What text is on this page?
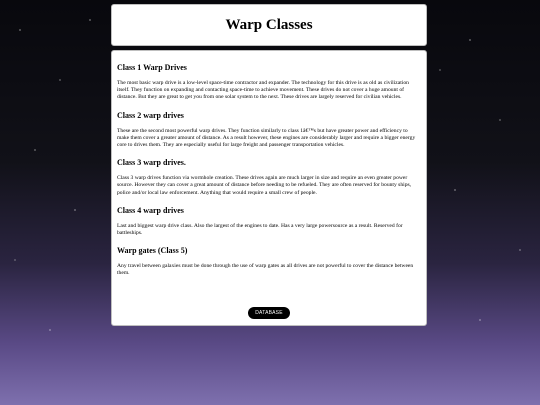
Warp Classes
Class 1 Warp Drives

The most basic warp drive is a low-level space-time contractor and expander. The technology for this drive is as old as civilization itself. They function on expanding and contacting space-time to achieve movement. These drives do not cover a huge amount of distance. But they are great to get you from one solar system to the next. These drives are largely reserved for civilian vehicles.

Class 2 warp drives

These are the second most powerful warp drives. They function similarly to class 1â€™s but have greater power and efficiency to make them cover a greater amount of distance. As a result however, these engines are considerably larger and require a bigger energy core to drives them. They are especially useful for large freight and passenger transportation vehicles.

Class 3 warp drives.

Class 3 warp drives function via wormhole creation. These drives again are much larger in size and require an even greater power source. However they can cover a great amount of distance before needing to be refueled. They are often reserved for bounty ships, police and/or local law enforcement. Anything that would require a small crew of people.

Class 4 warp drives

Last and biggest warp drive class. Also the largest of the engines to date. Has a very large powersource as a result. Reserved for battleships.

Warp gates (Class 5)

Any travel between galaxies must be done through the use of warp gates as all drives are not powerful to cover the distance between them.

DATABASE
